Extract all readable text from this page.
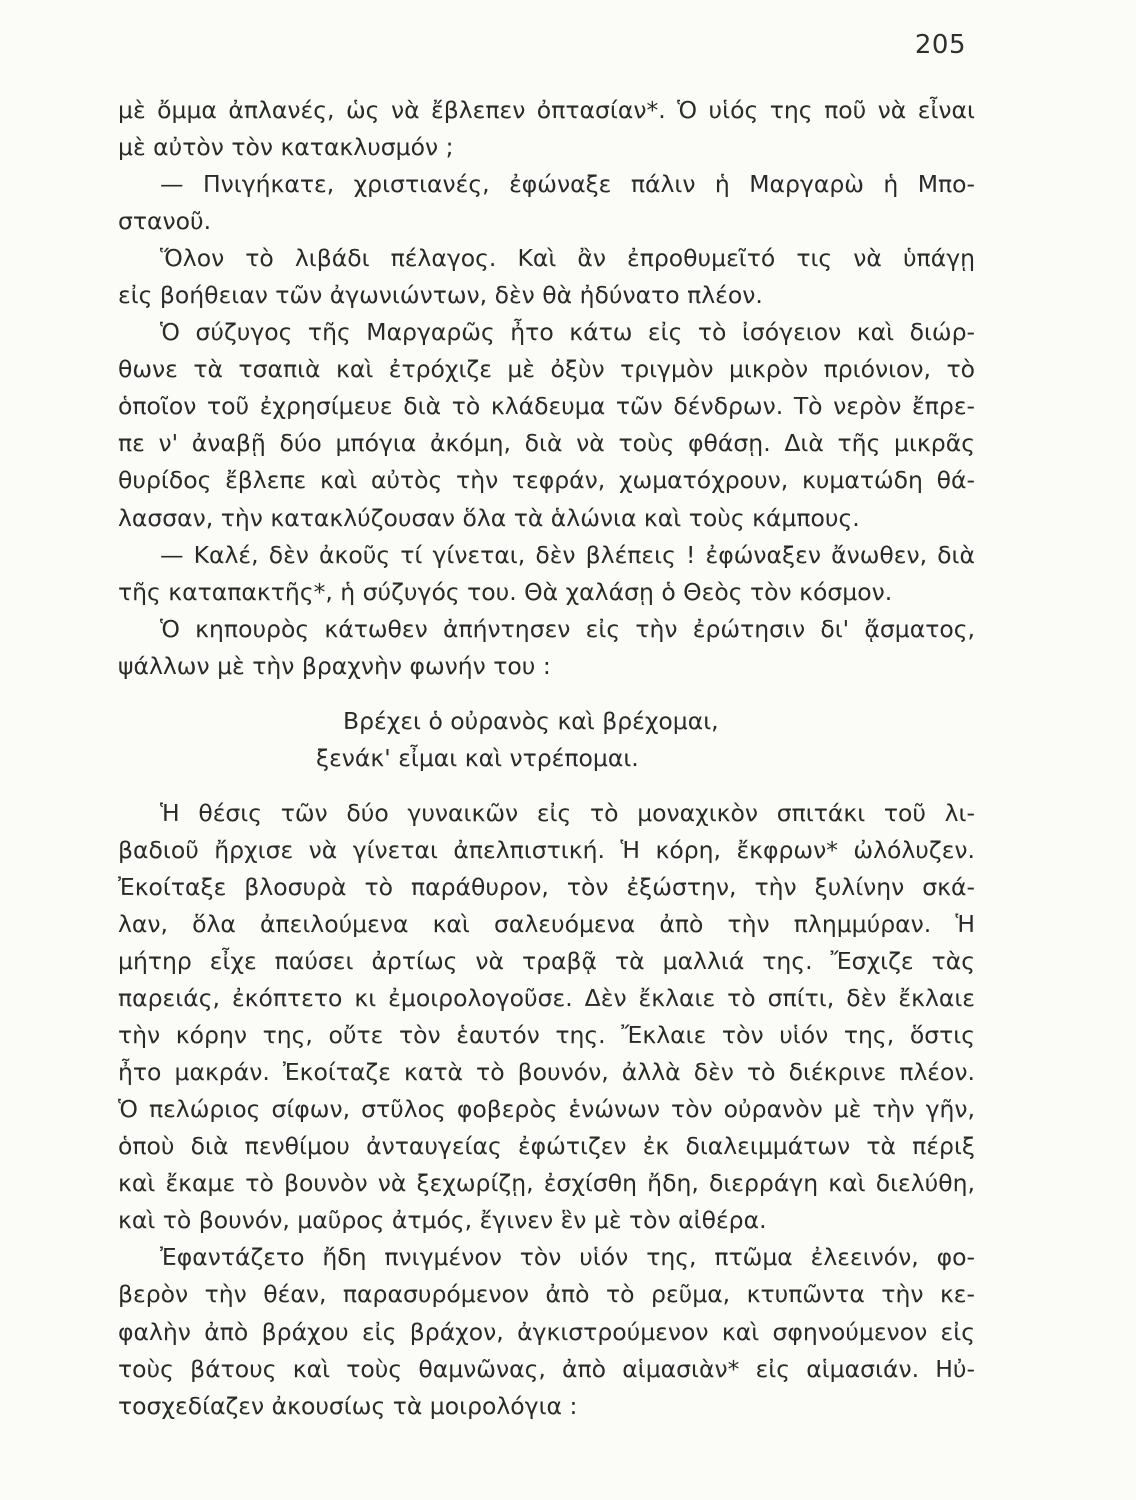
205
μὲ ὄμμα ἀπλανές, ὡς νὰ ἔβλεπεν ὀπτασίαν*. Ὁ υἱός της ποῦ νὰ εἶναι
μὲ αὐτὸν τὸν κατακλυσμόν ;
— Πνιγήκατε, χριστιανές, ἐφώναξε πάλιν ἡ Μαργαρὼ ἡ Μπο-
στανοῦ.
Ὅλον τὸ λιβάδι πέλαγος. Καὶ ἂν ἐπροθυμεῖτό τις νὰ ὑπάγῃ
εἰς βοήθειαν τῶν ἀγωνιώντων, δὲν θὰ ἠδύνατο πλέον.
Ὁ σύζυγος τῆς Μαργαρῶς ἦτο κάτω εἰς τὸ ἰσόγειον καὶ διώρ-
θωνε τὰ τσαπιὰ καὶ ἐτρόχιζε μὲ ὀξὺν τριγμὸν μικρὸν πριόνιον, τὸ
ὁποῖον τοῦ ἐχρησίμευε διὰ τὸ κλάδευμα τῶν δένδρων. Τὸ νερὸν ἔπρε-
πε ν' ἀναβῇ δύο μπόγια ἀκόμη, διὰ νὰ τοὺς φθάσῃ. Διὰ τῆς μικρᾶς
θυρίδος ἔβλεπε καὶ αὐτὸς τὴν τεφράν, χωματόχρουν, κυματώδη θά-
λασσαν, τὴν κατακλύζουσαν ὅλα τὰ ἁλώνια καὶ τοὺς κάμπους.
— Καλέ, δὲν ἀκοῦς τί γίνεται, δὲν βλέπεις ! ἐφώναξεν ἄνωθεν, διὰ
τῆς καταπακτῆς*, ἡ σύζυγός του. Θὰ χαλάσῃ ὁ Θεὸς τὸν κόσμον.
Ὁ κηπουρὸς κάτωθεν ἀπήντησεν εἰς τὴν ἐρώτησιν δι' ᾄσματος,
ψάλλων μὲ τὴν βραχνὴν φωνήν του :
Βρέχει ὁ οὐρανὸς καὶ βρέχομαι,
ξενάκ' εἶμαι καὶ ντρέπομαι.
Ἡ θέσις τῶν δύο γυναικῶν εἰς τὸ μοναχικὸν σπιτάκι τοῦ λι-
βαδιοῦ ἤρχισε νὰ γίνεται ἀπελπιστική. Ἡ κόρη, ἔκφρων* ὠλόλυζεν.
Ἐκοίταξε βλοσυρὰ τὸ παράθυρον, τὸν ἐξώστην, τὴν ξυλίνην σκά-
λαν, ὅλα ἀπειλούμενα καὶ σαλευόμενα ἀπὸ τὴν πλημμύραν. Ἡ
μήτηρ εἶχε παύσει ἀρτίως νὰ τραβᾷ τὰ μαλλιά της. Ἔσχιζε τὰς
παρειάς, ἐκόπτετο κι ἐμοιρολογοῦσε. Δὲν ἔκλαιε τὸ σπίτι, δὲν ἔκλαιε
τὴν κόρην της, οὔτε τὸν ἑαυτόν της. Ἔκλαιε τὸν υἱόν της, ὅστις
ἦτο μακράν. Ἐκοίταζε κατὰ τὸ βουνόν, ἀλλὰ δὲν τὸ διέκρινε πλέον.
Ὁ πελώριος σίφων, στῦλος φοβερὸς ἑνώνων τὸν οὐρανὸν μὲ τὴν γῆν,
ὁποὺ διὰ πενθίμου ἀνταυγείας ἐφώτιζεν ἐκ διαλειμμάτων τὰ πέριξ
καὶ ἔκαμε τὸ βουνὸν νὰ ξεχωρίζῃ, ἐσχίσθη ἤδη, διερράγη καὶ διελύθη,
καὶ τὸ βουνόν, μαῦρος ἀτμός, ἔγινεν ἓν μὲ τὸν αἰθέρα.
Ἐφαντάζετο ἤδη πνιγμένον τὸν υἱόν της, πτῶμα ἐλεεινόν, φο-
βερὸν τὴν θέαν, παρασυρόμενον ἀπὸ τὸ ρεῦμα, κτυπῶντα τὴν κε-
φαλὴν ἀπὸ βράχου εἰς βράχον, ἀγκιστρούμενον καὶ σφηνούμενον εἰς
τοὺς βάτους καὶ τοὺς θαμνῶνας, ἀπὸ αἱμασιὰν* εἰς αἱμασιάν. Ηὐ-
τοσχεδίαζεν ἀκουσίως τὰ μοιρολόγια :
